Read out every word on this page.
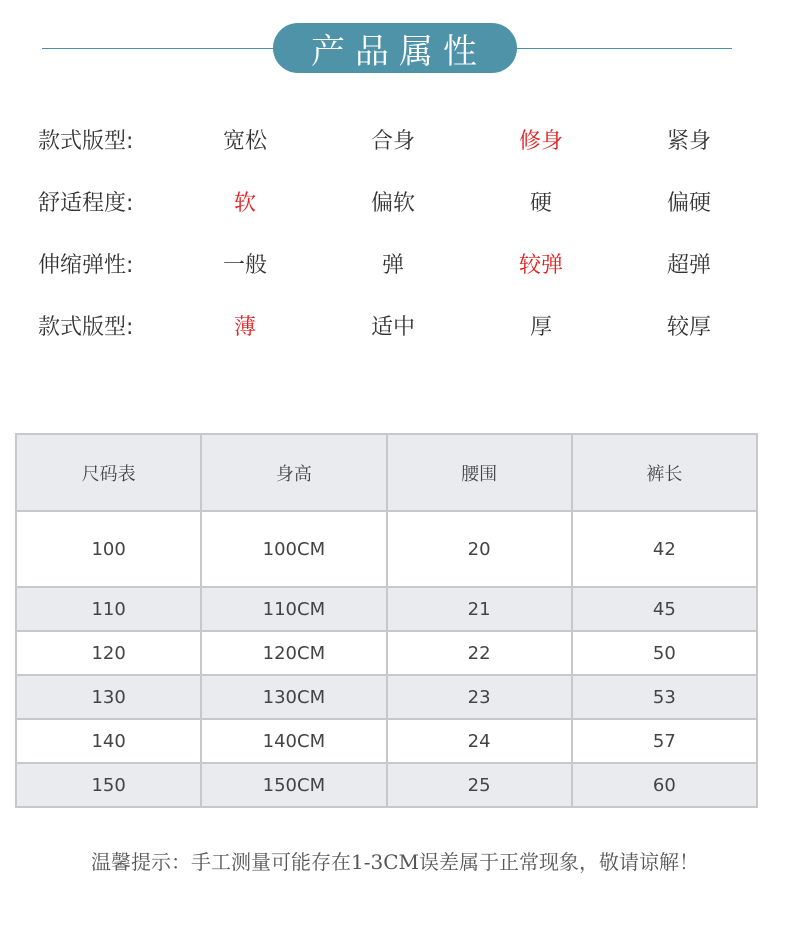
产品属性
款式版型:	宽松	合身	修身	紧身
舒适程度:	软	偏软	硬	偏硬
伸缩弹性:	一般	弹	较弹	超弹
款式版型:	薄	适中	厚	较厚
尺码表	身高	腰围	裤长
100	100CM	20	42
110	110CM	21	45
120	120CM	22	50
130	130CM	23	53
140	140CM	24	57
150	150CM	25	60
温馨提示：手工测量可能存在1-3CM误差属于正常现象，敬请谅解！
